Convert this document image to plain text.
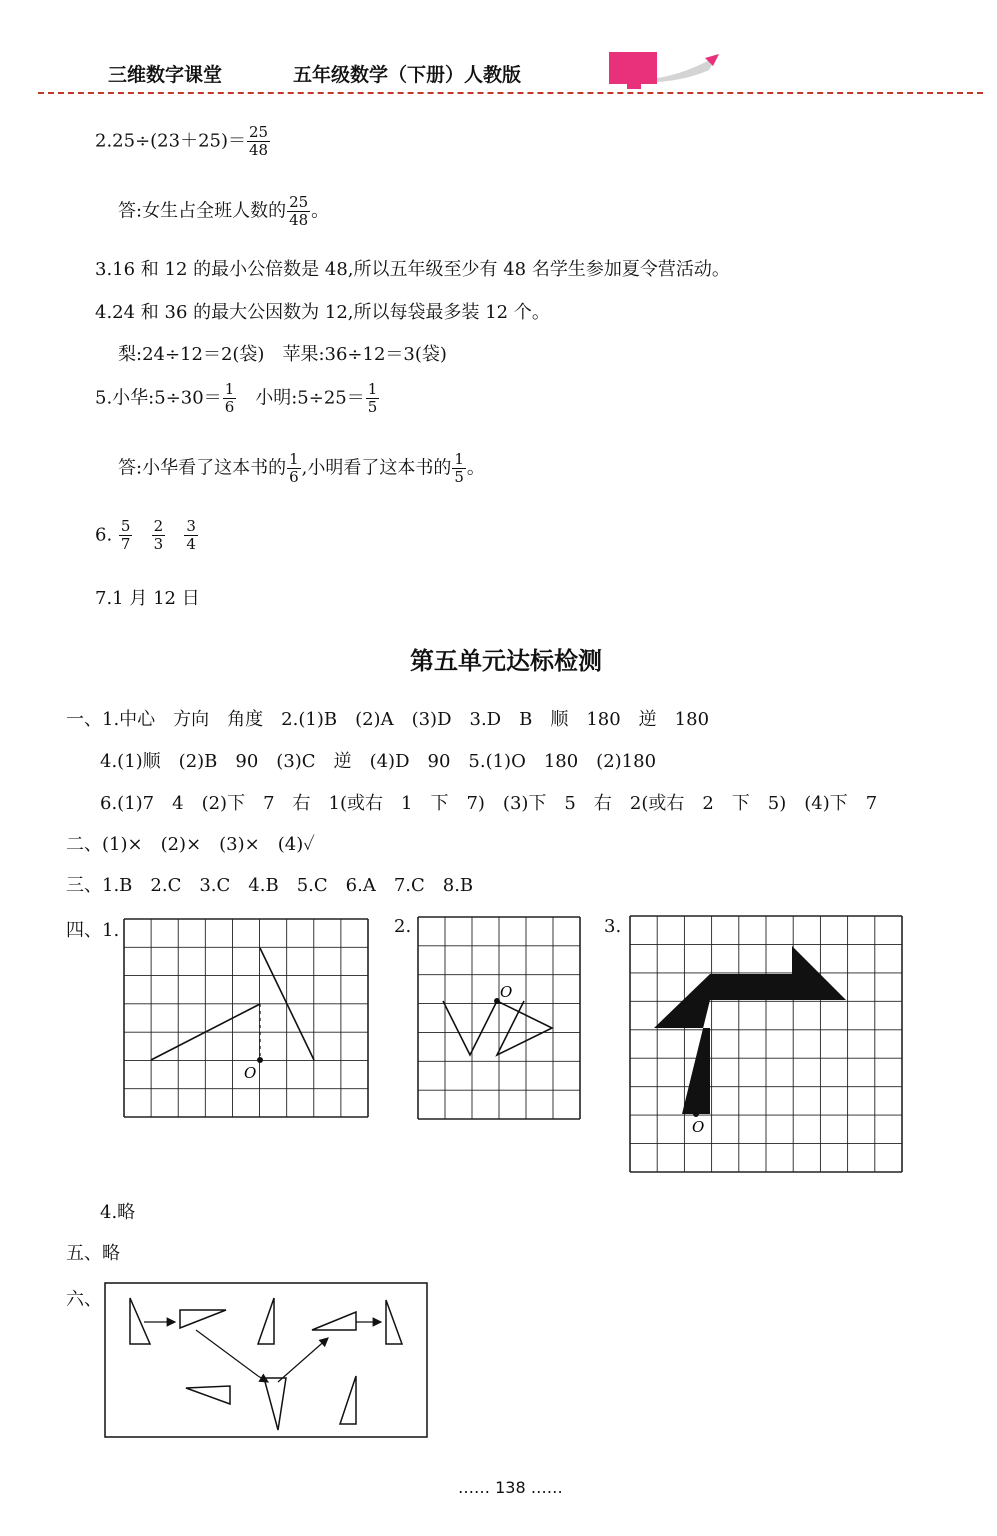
三维数字课堂	五年级数学（下册）人教版
$2.25\div(23+25)= \frac{25}{48}$
答:女生占全班人数的 $\frac{25}{48}$ 。
3.16 和 12 的最小公倍数是 48,所以五年级至少有 48 名学生参加夏令营活动。
4.24 和 36 的最大公因数为 12,所以每袋最多装 12 个。
梨:24÷12＝2(袋)　苹果:36÷12＝3(袋)
5.小华:5÷30＝ $\frac{1}{6}$ 　小明:5÷25＝ $\frac{1}{5}$
答:小华看了这本书的 $\frac{1}{6}$ ,小明看了这本书的 $\frac{1}{5}$ 。
6. $\frac{5}{7}$
$\frac{2}{3}$
$\frac{3}{4}$
7.1 月 12 日
第五单元达标检测
一、1.中心　方向　角度　2.(1)B　(2)A　(3)D　3.D　B　顺　180　逆　180
4.(1)顺　(2)B　90　(3)C　逆　(4)D　90　5.(1)O　180　(2)180
6.(1)7　4　(2)下　7　右　1(或右　1　下　7)　(3)下　5　右　2(或右　2　下　5)　(4)下　7
二、(1)×　(2)×　(3)×　(4)✓
三、1.B　2.C　3.C　4.B　5.C　6.A　7.C　8.B
四、1.	2.	3.
O
O
O
4.略
五、略
六、
…… 138 ……
